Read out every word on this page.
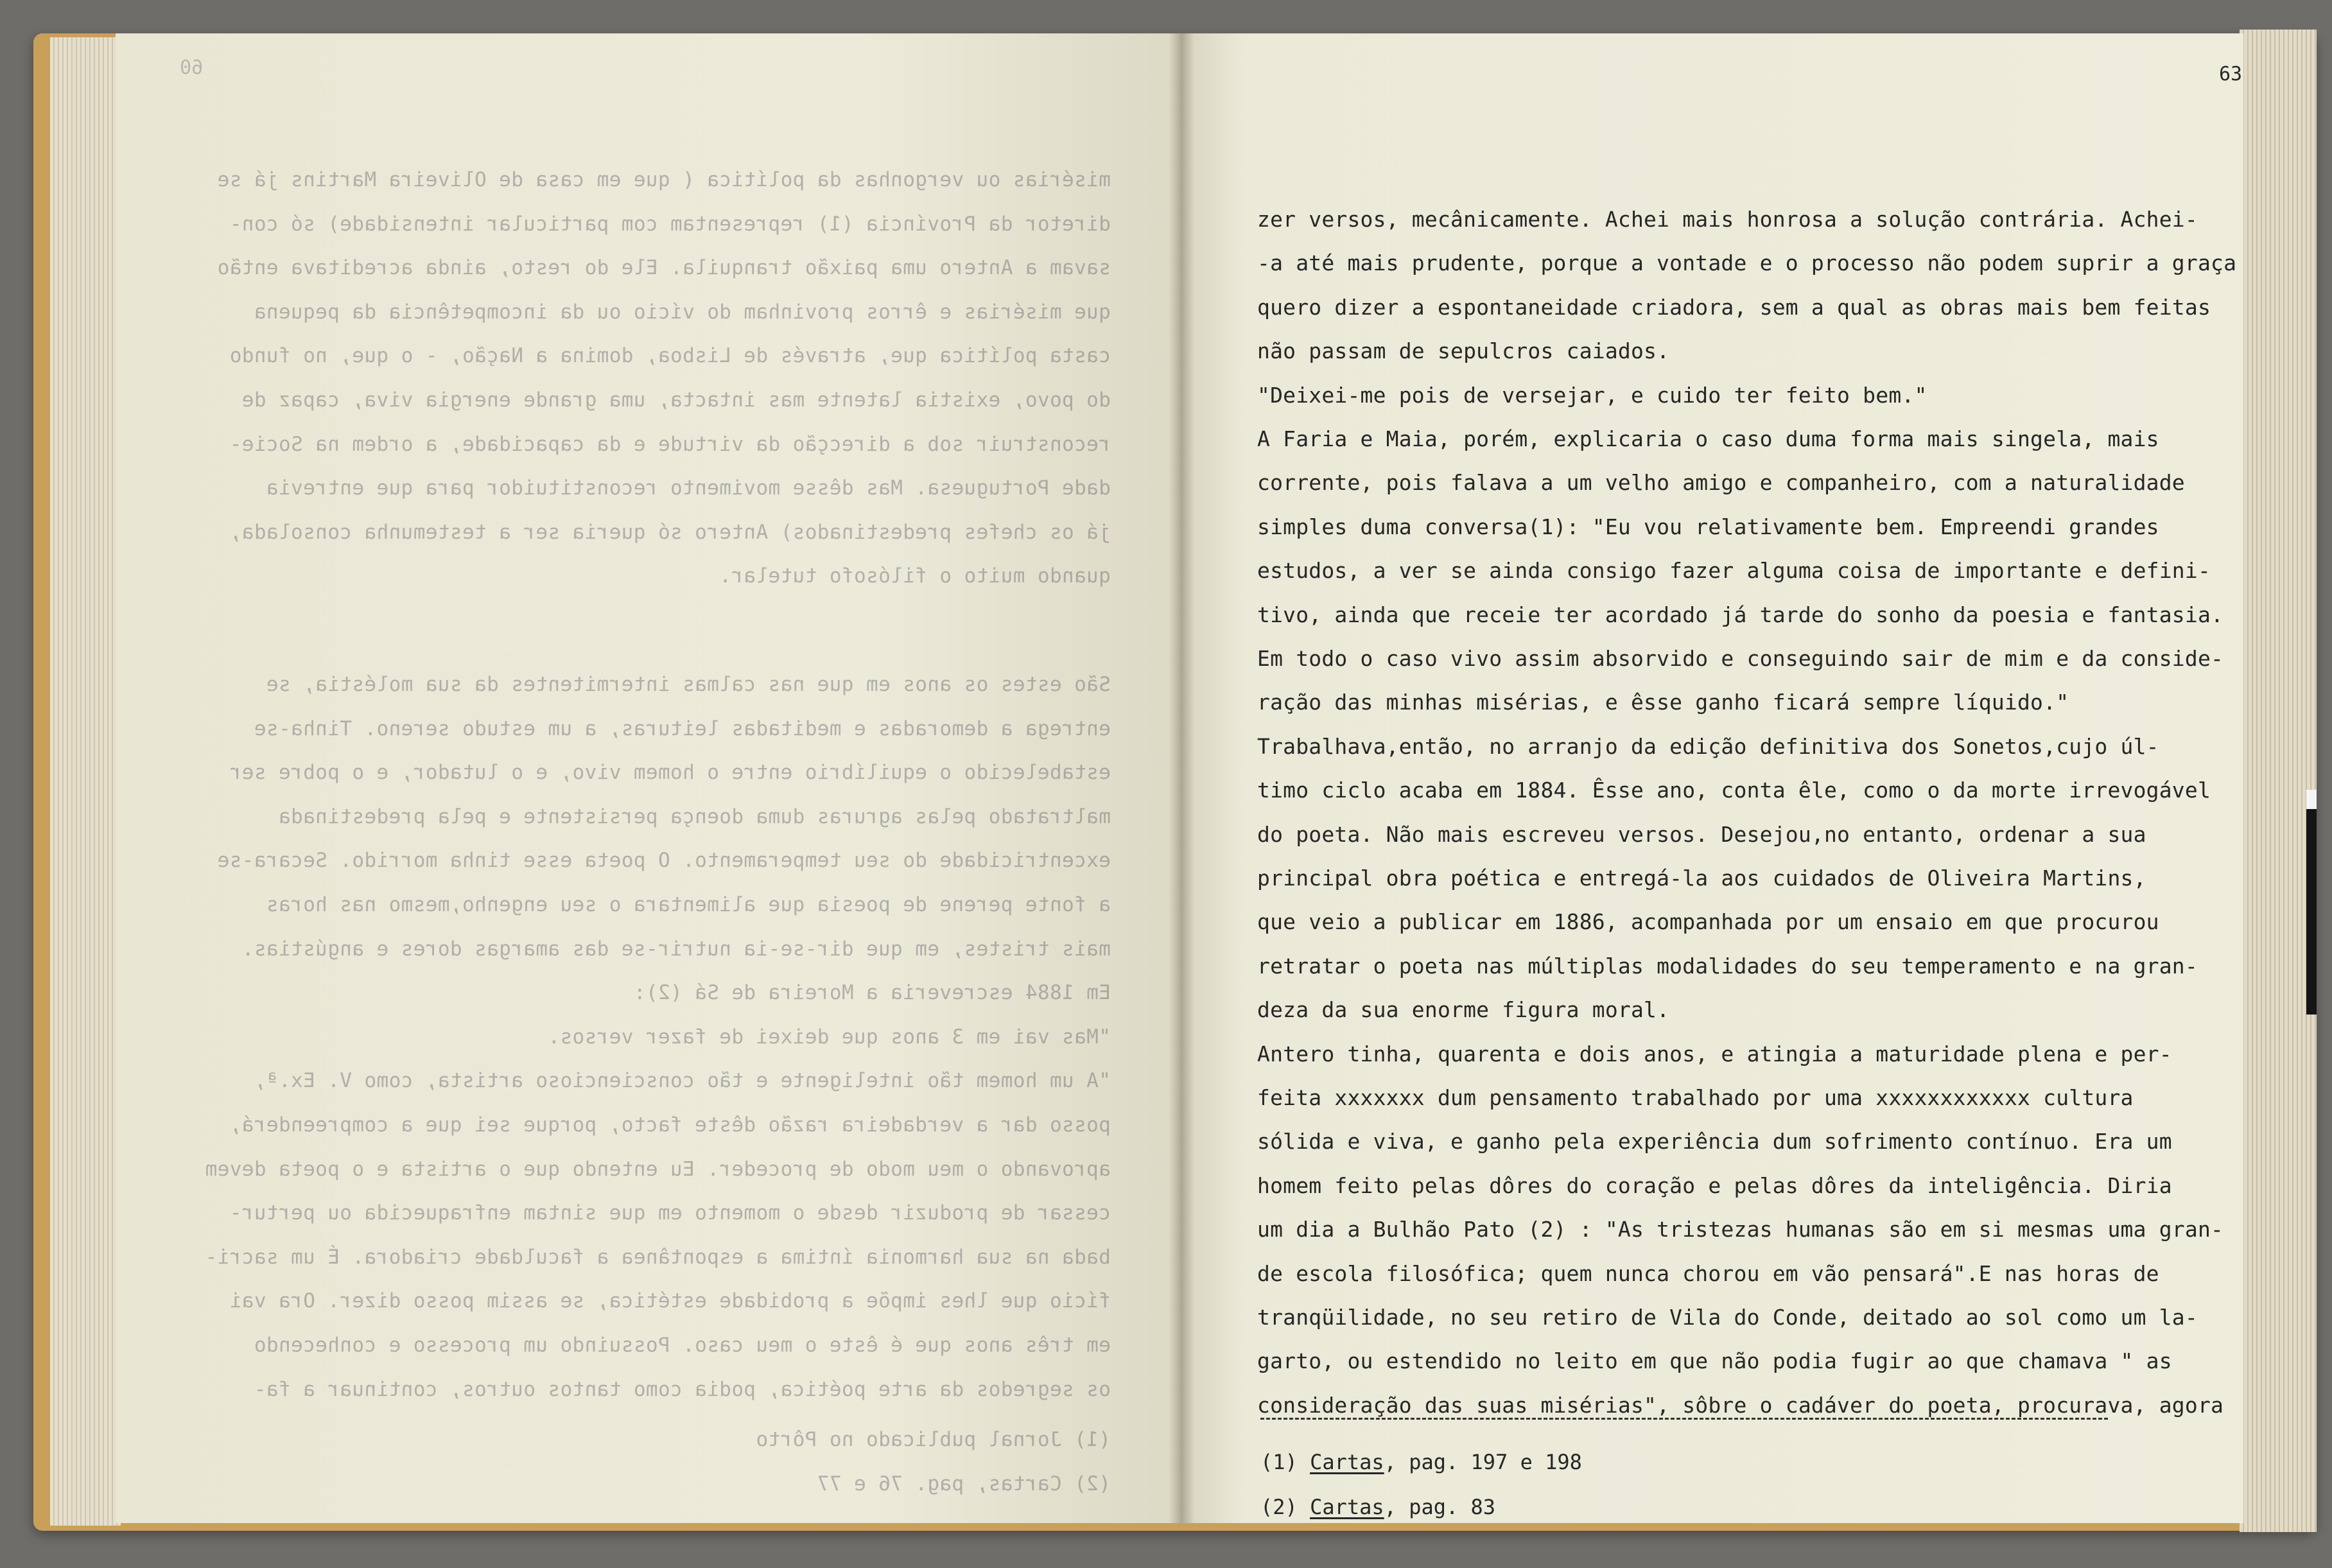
60
misérias ou vergonhas da política ( que em casa de Oliveira Martins já se
diretor da Província (1) representam com particular intensidade) só con-
savam a Antero uma paixão tranquila. Ele do resto, ainda acreditava então
que misérias e êrros provinham do vício ou da incompetência da pequena
casta política que, através de Lisboa, domina a Nação, - o que, no fundo
do povo, existia latente mas intacta, uma grande energia viva, capaz de
reconstruir sob a direcção da virtude e da capacidade, a ordem na Socie-
dade Portuguesa. Mas dêsse movimento reconstituidor para que entrevia
já os chefes predestinados) Antero só queria ser a testemunha consolada,
quando muito o filósofo tutelar.
São estes os anos em que nas calmas intermitentes da sua moléstia, se
entrega a demoradas e meditadas leituras, a um estudo sereno. Tinha-se
estabelecido o equilíbrio entre o homem vivo, e o lutador, e o pobre ser
maltratado pelas agruras duma doença persistente e pela predestinada
excentricidade do seu temperamento. O poeta esse tinha morrido. Secara-se
a fonte perene de poesia que alimentara o seu engenho,mesmo nas horas
mais tristes, em que dir-se-ia nutrir-se das amargas dores e angústias.
Em 1884 escreveria a Moreira de Sá (2):
"Mas vai em 3 anos que deixei de fazer versos.
"A um homem tão inteligente e tão consciencioso artista, como V. Ex.ª,
posso dar a verdadeira razão dêste facto, porque sei que a compreenderá,
aprovando o meu modo de proceder. Eu entendo que o artista e o poeta devem
cessar de produzir desde o momento em que sintam enfraquecida ou pertur-
bada na sua harmonia íntima a espontânea a faculdade criadora. É um sacri-
fício que lhes impõe a probidade estética, se assim posso dizer. Ora vai
em três anos que é êste o meu caso. Possuindo um processo e conhecendo
os segredos da arte poética, podia como tantos outros, continuar a fa-
(1) Jornal publicado no Pôrto
(2) Cartas, pag. 76 e 77
63
zer versos, mecânicamente. Achei mais honrosa a solução contrária. Achei-
-a até mais prudente, porque a vontade e o processo não podem suprir a graça
quero dizer a espontaneidade criadora, sem a qual as obras mais bem feitas
não passam de sepulcros caiados.
"Deixei-me pois de versejar, e cuido ter feito bem."
A Faria e Maia, porém, explicaria o caso duma forma mais singela, mais
corrente, pois falava a um velho amigo e companheiro, com a naturalidade
simples duma conversa(1): "Eu vou relativamente bem. Empreendi grandes
estudos, a ver se ainda consigo fazer alguma coisa de importante e defini-
tivo, ainda que receie ter acordado já tarde do sonho da poesia e fantasia.
Em todo o caso vivo assim absorvido e conseguindo sair de mim e da conside-
ração das minhas misérias, e êsse ganho ficará sempre líquido."
Trabalhava,então, no arranjo da edição definitiva dos Sonetos,cujo úl-
timo ciclo acaba em 1884. Êsse ano, conta êle, como o da morte irrevogável
do poeta. Não mais escreveu versos. Desejou,no entanto, ordenar a sua
principal obra poética e entregá-la aos cuidados de Oliveira Martins,
que veio a publicar em 1886, acompanhada por um ensaio em que procurou
retratar o poeta nas múltiplas modalidades do seu temperamento e na gran-
deza da sua enorme figura moral.
Antero tinha, quarenta e dois anos, e atingia a maturidade plena e per-
feita xxxxxxx dum pensamento trabalhado por uma xxxxxxxxxxxx cultura
sólida e viva, e ganho pela experiência dum sofrimento contínuo. Era um
homem feito pelas dôres do coração e pelas dôres da inteligência. Diria
um dia a Bulhão Pato (2) : "As tristezas humanas são em si mesmas uma gran-
de escola filosófica; quem nunca chorou em vão pensará".E nas horas de
tranqüilidade, no seu retiro de Vila do Conde, deitado ao sol como um la-
garto, ou estendido no leito em que não podia fugir ao que chamava " as
consideração das suas misérias", sôbre o cadáver do poeta, procurava, agora
(1) Cartas, pag. 197 e 198
(2) Cartas, pag. 83
